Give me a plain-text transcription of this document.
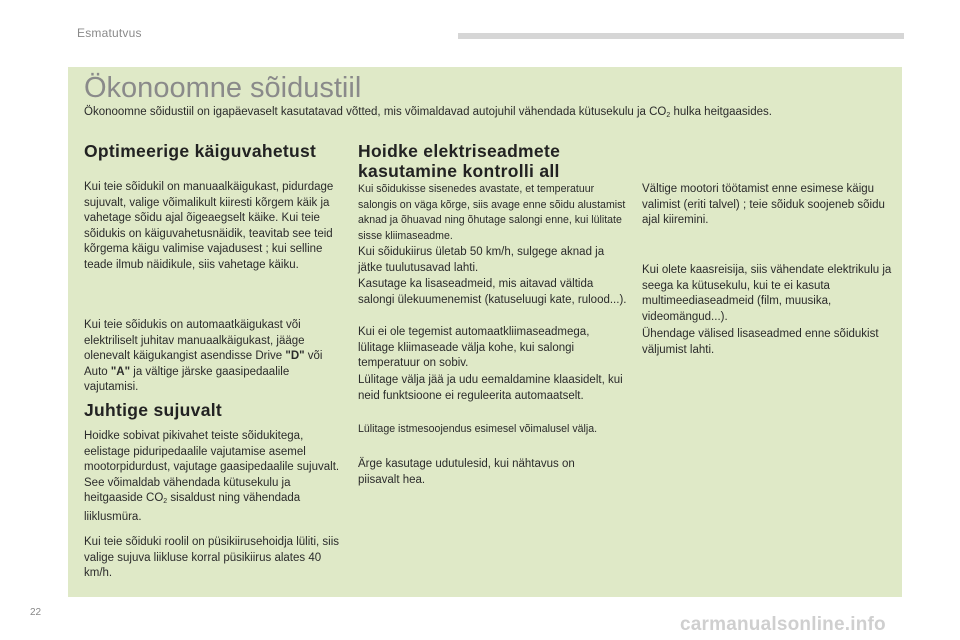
Esmatutvus
Ökonoomne sõidustiil

Ökonoomne sõidustiil on igapäevaselt kasutatavad võtted, mis võimaldavad autojuhil vähendada kütusekulu ja $CO_2$ hulka heitgaasides.

Optimeerige käiguvahetust

Kui teie sõidukil on manuaalkäigukast, pidurdage sujuvalt, valige võimalikult kiiresti kõrgem käik ja vahetage sõidu ajal õigeaegselt käike. Kui teie sõidukis on käiguvahetusnäidik, teavitab see teid kõrgema käigu valimise vajadusest ; kui selline teade ilmub näidikule, siis vahetage käiku.

Kui teie sõidukis on automaatkäigukast või elektriliselt juhitav manuaalkäigukast, jääge olenevalt käigukangist asendisse Drive "D" või Auto "A" ja vältige järske gaasipedaalile vajutamisi.

Juhtige sujuvalt

Hoidke sobivat pikivahet teiste sõidukitega, eelistage piduripedaalile vajutamise asemel mootorpidurdust, vajutage gaasipedaalile sujuvalt. See võimaldab vähendada kütusekulu ja heitgaaside $CO_2$ sisaldust ning vähendada liiklusmüra.

Kui teie sõiduki roolil on püsikiirusehoidja lüliti, siis valige sujuva liikluse korral püsikiirus alates 40 km/h.

Hoidke elektriseadmete kasutamine kontrolli all

Kui sõidukisse sisenedes avastate, et temperatuur salongis on väga kõrge, siis avage enne sõidu alustamist aknad ja õhuavad ning õhutage salongi enne, kui lülitate sisse kliimaseadme.

Kui sõidukiirus ületab 50 km/h, sulgege aknad ja jätke tuulutusavad lahti.

Kasutage ka lisaseadmeid, mis aitavad vältida salongi ülekuumenemist (katuseluugi kate, rulood...).

Kui ei ole tegemist automaatkliimaseadmega, lülitage kliimaseade välja kohe, kui salongi temperatuur on sobiv.

Lülitage välja jää ja udu eemaldamine klaasidelt, kui neid funktsioone ei reguleerita automaatselt.

Lülitage istmesoojendus esimesel võimalusel välja.

Ärge kasutage udutulesid, kui nähtavus on piisavalt hea.

Vältige mootori töötamist enne esimese käigu valimist (eriti talvel) ; teie sõiduk soojeneb sõidu ajal kiiremini.

Kui olete kaasreisija, siis vähendate elektrikulu ja seega ka kütusekulu, kui te ei kasuta multimeediaseadmeid (film, muusika, videomängud...).

Ühendage välised lisaseadmed enne sõidukist väljumist lahti.

22
carmanualsonline.info
